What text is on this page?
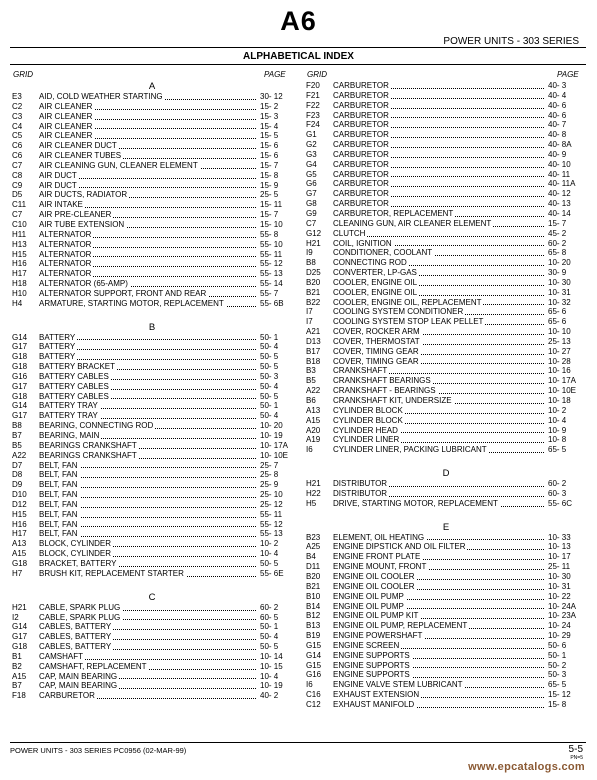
A6
POWER UNITS - 303 SERIES
ALPHABETICAL INDEX
GRID	PAGE	GRID	PAGE
A
E3	AID, COLD WEATHER STARTING	30- 12
C2	AIR CLEANER	15- 2
C3	AIR CLEANER	15- 3
C4	AIR CLEANER	15- 4
C5	AIR CLEANER	15- 5
C6	AIR CLEANER DUCT	15- 6
C6	AIR CLEANER TUBES	15- 6
C7	AIR CLEANING GUN, CLEANER ELEMENT	15- 7
C8	AIR DUCT	15- 8
C9	AIR DUCT	15- 9
D5	AIR DUCTS, RADIATOR	25- 5
C11	AIR INTAKE	15- 11
C7	AIR PRE-CLEANER	15- 7
C10	AIR TUBE EXTENSION	15- 10
H11	ALTERNATOR	55- 8
H13	ALTERNATOR	55- 10
H15	ALTERNATOR	55- 11
H16	ALTERNATOR	55- 12
H17	ALTERNATOR	55- 13
H18	ALTERNATOR (65-AMP)	55- 14
H10	ALTERNATOR SUPPORT, FRONT AND REAR	55- 7
H4	ARMATURE, STARTING MOTOR, REPLACEMENT	55- 6B
B
G14	BATTERY	50- 1
G17	BATTERY	50- 4
G18	BATTERY	50- 5
G18	BATTERY BRACKET	50- 5
G16	BATTERY CABLES	50- 3
G17	BATTERY CABLES	50- 4
G18	BATTERY CABLES	50- 5
G14	BATTERY TRAY	50- 1
G17	BATTERY TRAY	50- 4
B8	BEARING, CONNECTING ROD	10- 20
B7	BEARING, MAIN	10- 19
B5	BEARINGS CRANKSHAFT	10- 17A
A22	BEARINGS CRANKSHAFT	10- 10E
D7	BELT, FAN	25- 7
D8	BELT, FAN	25- 8
D9	BELT, FAN	25- 9
D10	BELT, FAN	25- 10
D12	BELT, FAN	25- 12
H15	BELT, FAN	55- 11
H16	BELT, FAN	55- 12
H17	BELT, FAN	55- 13
A13	BLOCK, CYLINDER	10- 2
A15	BLOCK, CYLINDER	10- 4
G18	BRACKET, BATTERY	50- 5
H7	BRUSH KIT, REPLACEMENT STARTER	55- 6E
C
H21	CABLE, SPARK PLUG	60- 2
I2	CABLE, SPARK PLUG	60- 5
G14	CABLES, BATTERY	50- 1
G17	CABLES, BATTERY	50- 4
G18	CABLES, BATTERY	50- 5
B1	CAMSHAFT	10- 14
B2	CAMSHAFT, REPLACEMENT	10- 15
A15	CAP, MAIN BEARING	10- 4
B7	CAP, MAIN BEARING	10- 19
F18	CARBURETOR	40- 2
F20	CARBURETOR	40- 3
F21	CARBURETOR	40- 4
F22	CARBURETOR	40- 6
F23	CARBURETOR	40- 6
F24	CARBURETOR	40- 7
G1	CARBURETOR	40- 8
G2	CARBURETOR	40- 8A
G3	CARBURETOR	40- 9
G4	CARBURETOR	40- 10
G5	CARBURETOR	40- 11
G6	CARBURETOR	40- 11A
G7	CARBURETOR	40- 12
G8	CARBURETOR	40- 13
G9	CARBURETOR, REPLACEMENT	40- 14
C7	CLEANING GUN, AIR CLEANER ELEMENT	15- 7
G12	CLUTCH	45- 2
H21	COIL, IGNITION	60- 2
I9	CONDITIONER, COOLANT	65- 8
B8	CONNECTING ROD	10- 20
D25	CONVERTER, LP-GAS	30- 9
B20	COOLER, ENGINE OIL	10- 30
B21	COOLER, ENGINE OIL	10- 31
B22	COOLER, ENGINE OIL, REPLACEMENT	10- 32
I7	COOLING SYSTEM CONDITIONER	65- 6
I7	COOLING SYSTEM STOP LEAK PELLET	65- 6
A21	COVER, ROCKER ARM	10- 10
D13	COVER, THERMOSTAT	25- 13
B17	COVER, TIMING GEAR	10- 27
B18	COVER, TIMING GEAR	10- 28
B3	CRANKSHAFT	10- 16
B5	CRANKSHAFT BEARINGS	10- 17A
A22	CRANKSHAFT - BEARINGS	10- 10E
B6	CRANKSHAFT KIT, UNDERSIZE	10- 18
A13	CYLINDER BLOCK	10- 2
A15	CYLINDER BLOCK	10- 4
A20	CYLINDER HEAD	10- 9
A19	CYLINDER LINER	10- 8
I6	CYLINDER LINER, PACKING LUBRICANT	65- 5
D
H21	DISTRIBUTOR	60- 2
H22	DISTRIBUTOR	60- 3
H5	DRIVE, STARTING MOTOR, REPLACEMENT	55- 6C
E
B23	ELEMENT, OIL HEATING	10- 33
A25	ENGINE DIPSTICK AND OIL FILTER	10- 13
B4	ENGINE FRONT PLATE	10- 17
D11	ENGINE MOUNT, FRONT	25- 11
B20	ENGINE OIL COOLER	10- 30
B21	ENGINE OIL COOLER	10- 31
B10	ENGINE OIL PUMP	10- 22
B14	ENGINE OIL PUMP	10- 24A
B12	ENGINE OIL PUMP KIT	10- 23A
B13	ENGINE OIL PUMP, REPLACEMENT	10- 24
B19	ENGINE POWERSHAFT	10- 29
G15	ENGINE SCREEN	50- 6
G14	ENGINE SUPPORTS	50- 1
G15	ENGINE SUPPORTS	50- 2
G16	ENGINE SUPPORTS	50- 3
I6	ENGINE VALVE STEM LUBRICANT	65- 5
C16	EXHAUST EXTENSION	15- 12
C12	EXHAUST MANIFOLD	15- 8
POWER UNITS - 303 SERIES PC0956 (02-MAR-99)	5-5
PN=5
www.epcatalogs.com
